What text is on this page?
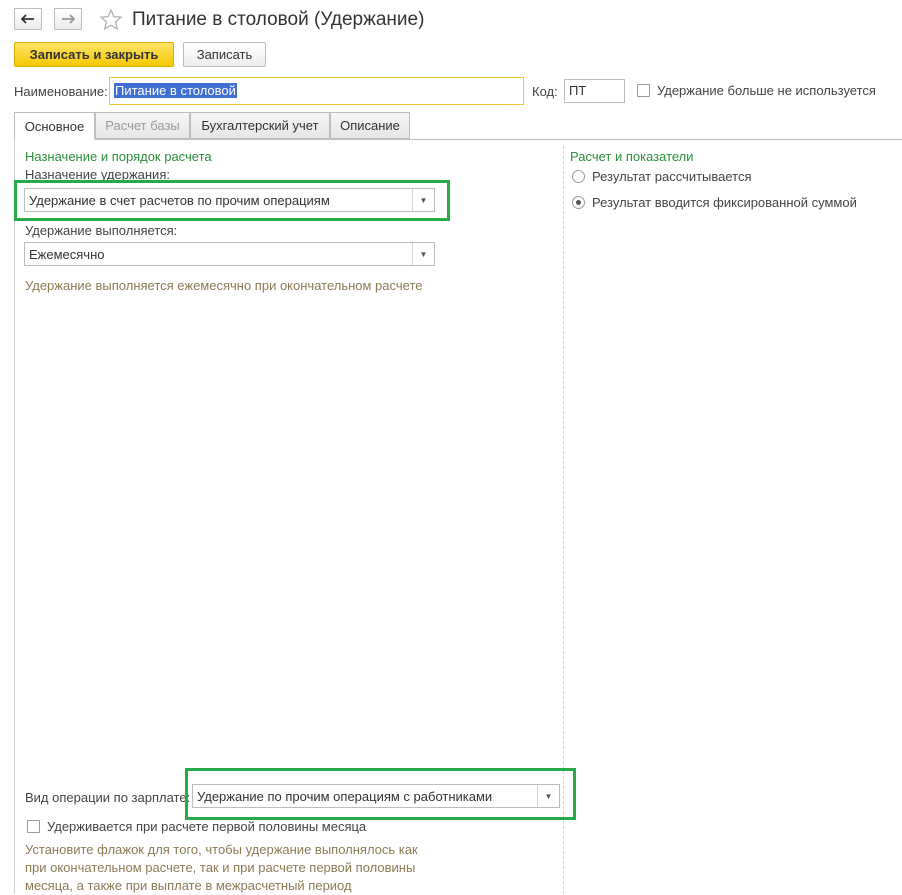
Питание в столовой (Удержание)
Записать и закрыть	Записать
Наименование: Питание в столовой	Код: ПТ	Удержание больше не используется
Основное	Расчет базы	Бухгалтерский учет	Описание
Назначение и порядок расчета
Назначение удержания:
Удержание в счет расчетов по прочим операциям	▼
Удержание выполняется:
Ежемесячно	▼
Удержание выполняется ежемесячно при окончательном расчете
Вид операции по зарплате: Удержание по прочим операциям с работниками	▼
Удерживается при расчете первой половины месяца
Установите флажок для того, чтобы удержание выполнялось как
при окончательном расчете, так и при расчете первой половины
месяца, а также при выплате в межрасчетный период
Расчет и показатели
Результат рассчитывается
Результат вводится фиксированной суммой
